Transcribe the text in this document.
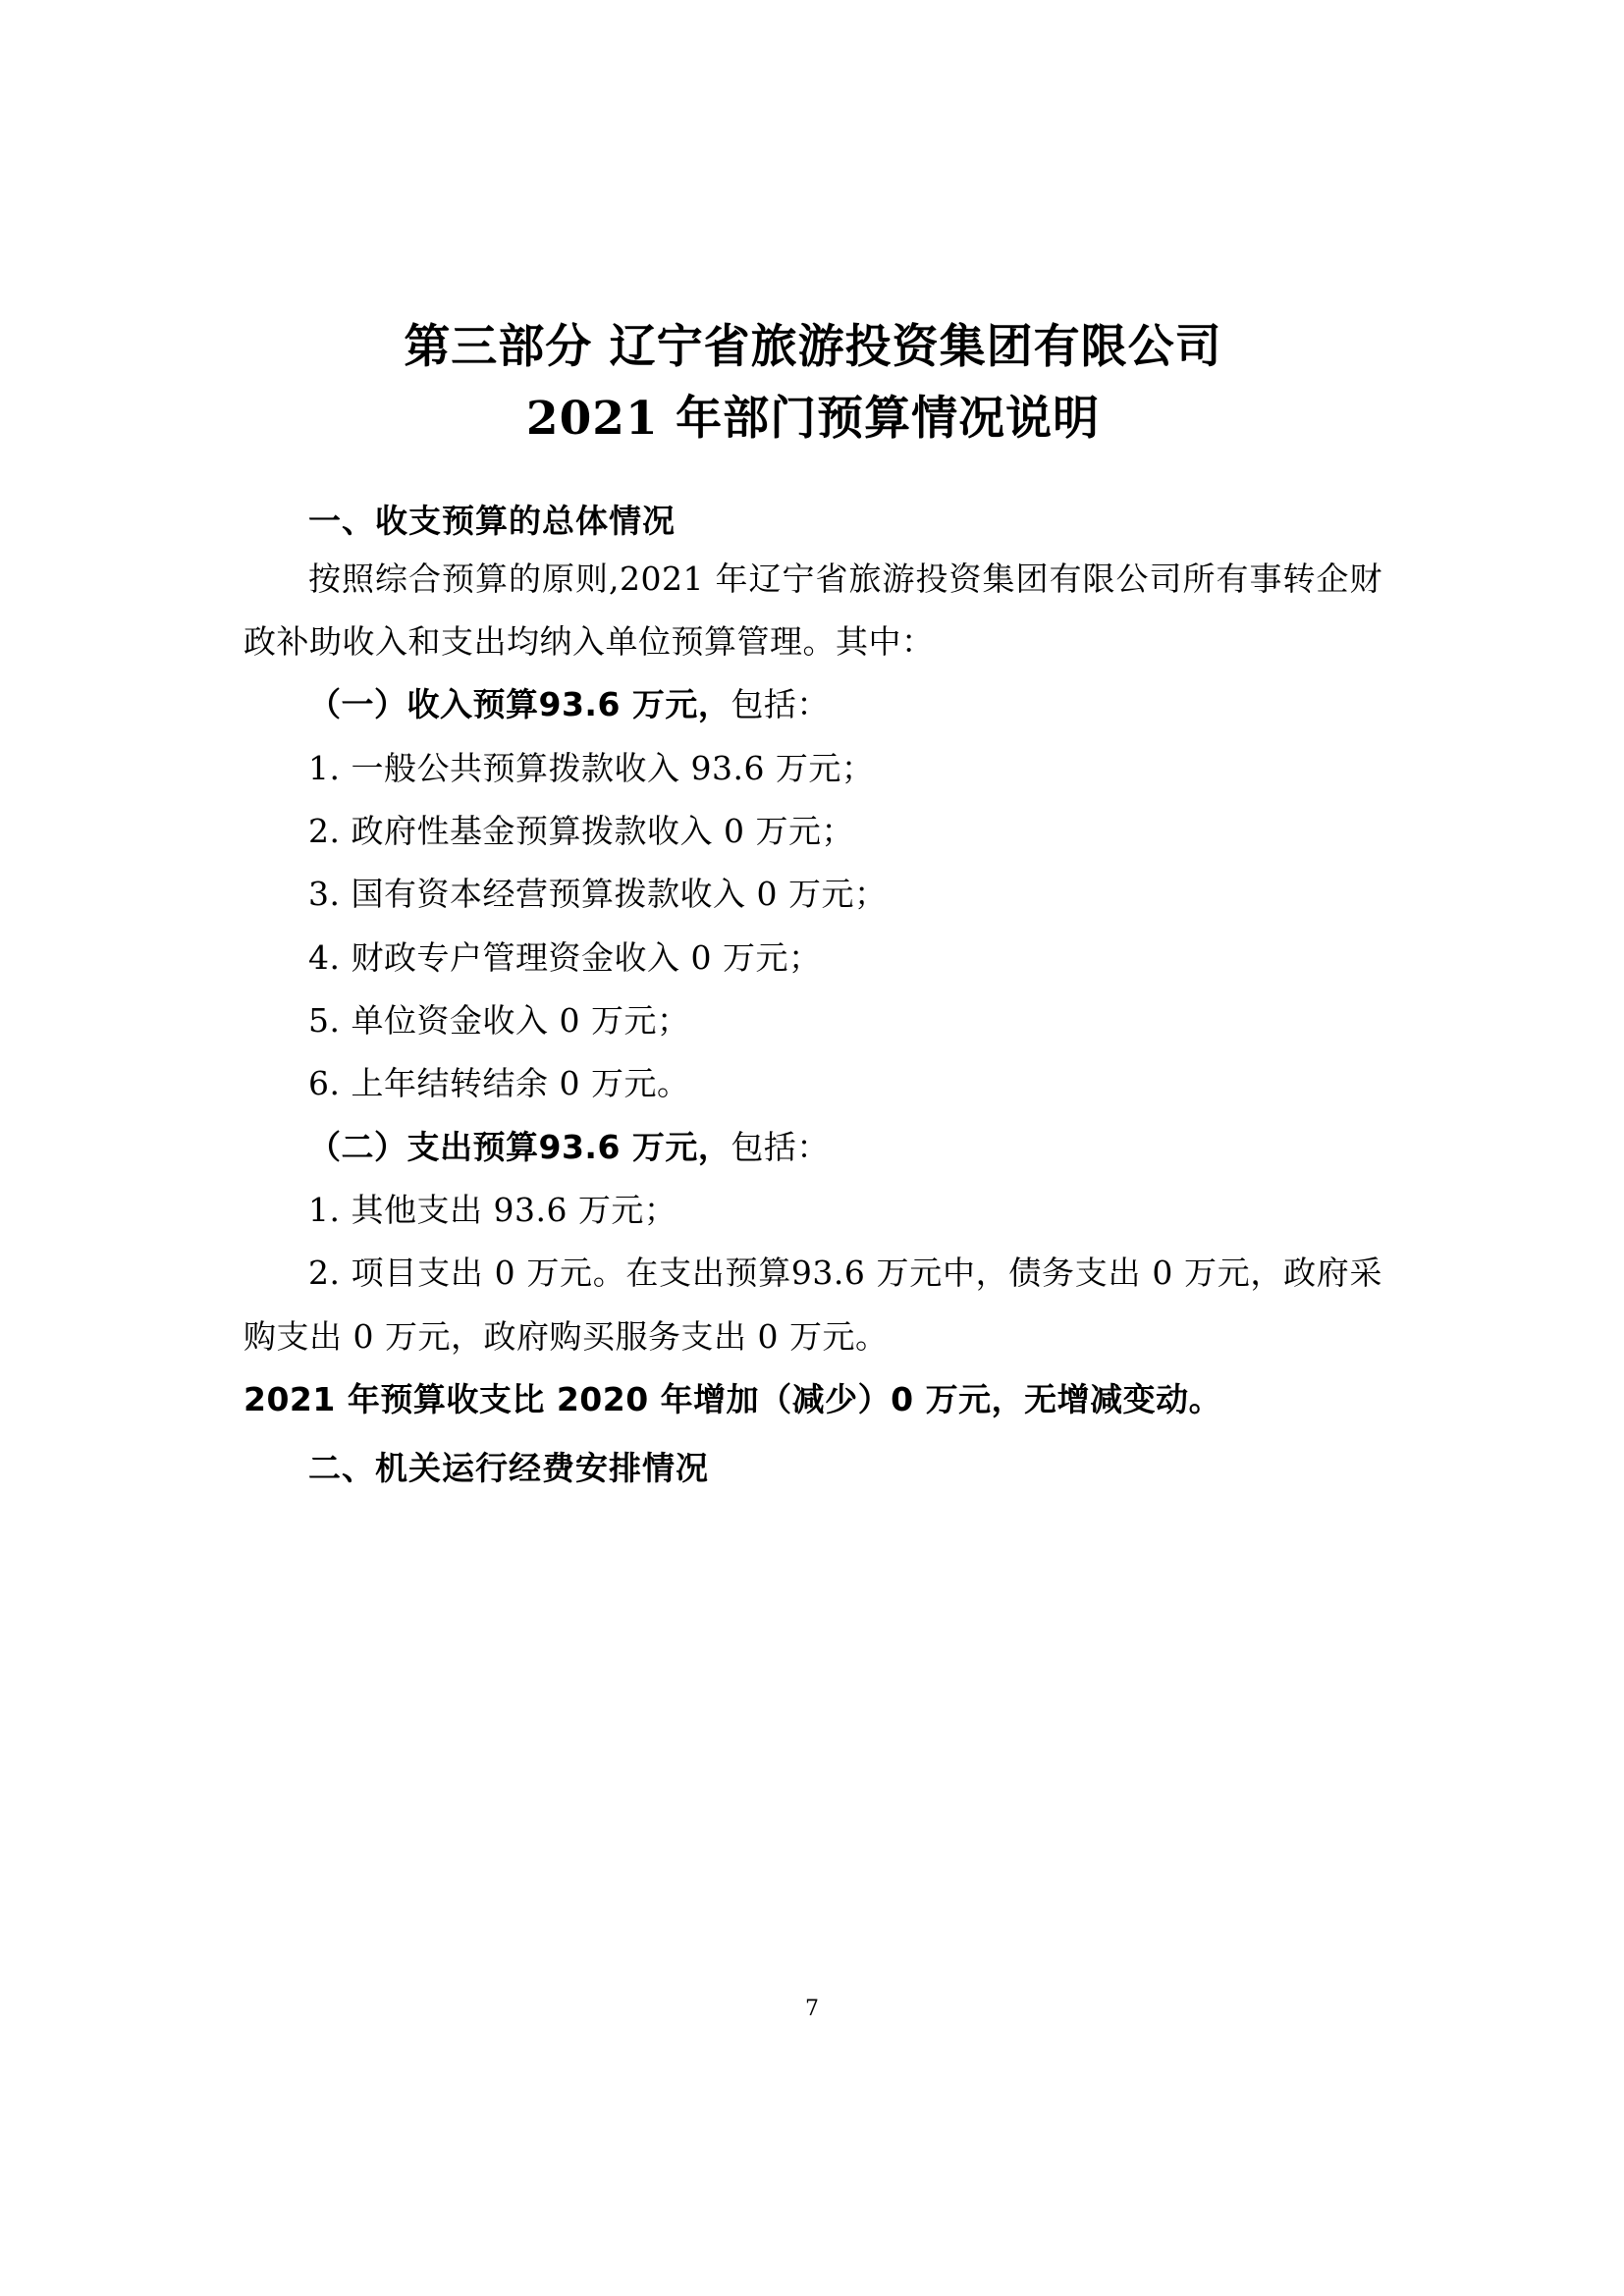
第三部分 辽宁省旅游投资集团有限公司
2021 年部门预算情况说明

一、收支预算的总体情况

按照综合预算的原则,2021 年辽宁省旅游投资集团有限公司所有事转企财政补助收入和支出均纳入单位预算管理。其中：

（一）收入预算93.6 万元，包括：

1. 一般公共预算拨款收入 93.6 万元；

2. 政府性基金预算拨款收入 0 万元；

3. 国有资本经营预算拨款收入 0 万元；

4. 财政专户管理资金收入 0 万元；

5. 单位资金收入 0 万元；

6. 上年结转结余 0 万元。

（二）支出预算93.6 万元，包括：

1. 其他支出 93.6 万元；

2. 项目支出 0 万元。在支出预算93.6 万元中，债务支出 0 万元，政府采 购支出 0 万元，政府购买服务支出 0 万元。

2021 年预算收支比 2020 年增加（减少）0 万元，无增减变动。

二、机关运行经费安排情况

7
